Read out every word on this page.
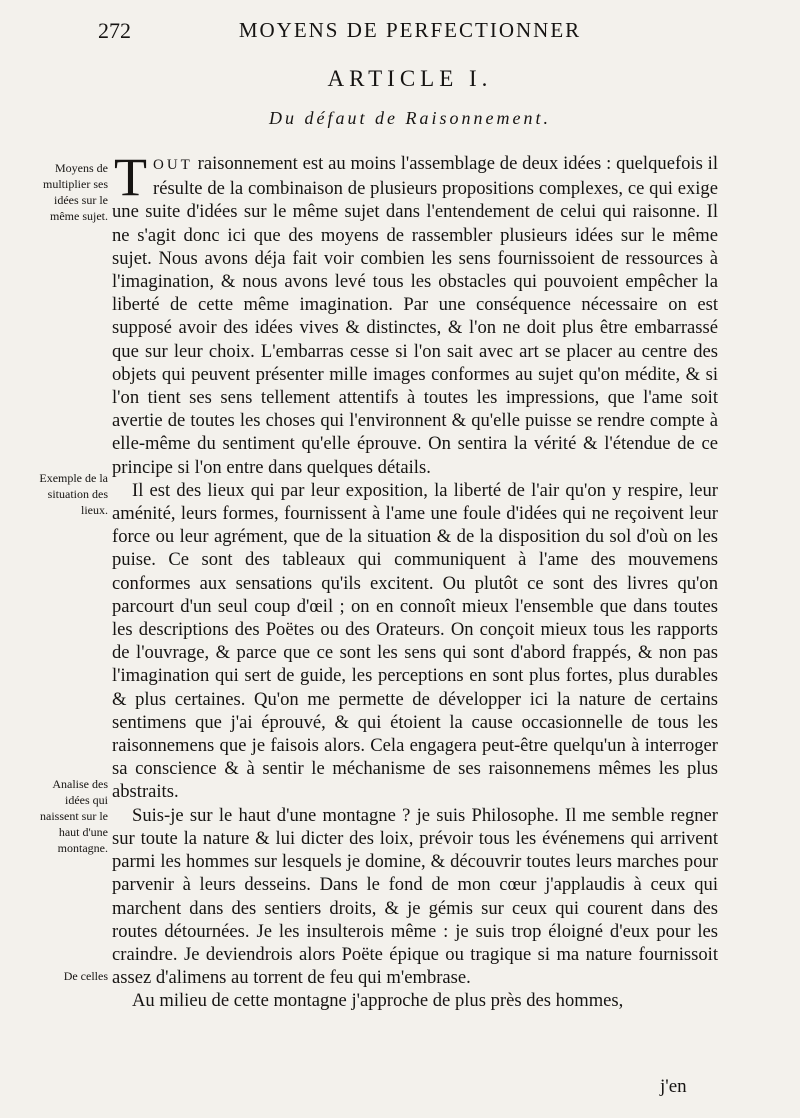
272	MOYENS DE PERFECTIONNER
ARTICLE I.
Du défaut de Raisonnement.
Moyens de multiplier ses idées sur le même sujet.
Exemple de la situation des lieux.
Analise des idées qui naissent sur le haut d'une montagne.
De celles

TOUT raisonnement est au moins l'assemblage de deux idées : quelquefois il résulte de la combinaison de plusieurs propositions complexes, ce qui exige une suite d'idées sur le même sujet dans l'entendement de celui qui raisonne. Il ne s'agit donc ici que des moyens de rassembler plusieurs idées sur le même sujet. Nous avons déja fait voir combien les sens fournissoient de ressources à l'imagination, & nous avons levé tous les obstacles qui pouvoient empêcher la liberté de cette même imagination. Par une conséquence nécessaire on est supposé avoir des idées vives & distinctes, & l'on ne doit plus être embarrassé que sur leur choix. L'embarras cesse si l'on sait avec art se placer au centre des objets qui peuvent présenter mille images conformes au sujet qu'on médite, & si l'on tient ses sens tellement attentifs à toutes les impressions, que l'ame soit avertie de toutes les choses qui l'environnent & qu'elle puisse se rendre compte à elle-même du sentiment qu'elle éprouve. On sentira la vérité & l'étendue de ce principe si l'on entre dans quelques détails.

Il est des lieux qui par leur exposition, la liberté de l'air qu'on y respire, leur aménité, leurs formes, fournissent à l'ame une foule d'idées qui ne reçoivent leur force ou leur agrément, que de la situation & de la disposition du sol d'où on les puise. Ce sont des tableaux qui communiquent à l'ame des mouvemens conformes aux sensations qu'ils excitent. Ou plutôt ce sont des livres qu'on parcourt d'un seul coup d'œil ; on en connoît mieux l'ensemble que dans toutes les descriptions des Poëtes ou des Orateurs. On conçoit mieux tous les rapports de l'ouvrage, & parce que ce sont les sens qui sont d'abord frappés, & non pas l'imagination qui sert de guide, les perceptions en sont plus fortes, plus durables & plus certaines. Qu'on me permette de développer ici la nature de certains sentimens que j'ai éprouvé, & qui étoient la cause occasionnelle de tous les raisonnemens que je faisois alors. Cela engagera peut-être quelqu'un à interroger sa conscience & à sentir le méchanisme de ses raisonnemens mêmes les plus abstraits.

Suis-je sur le haut d'une montagne ? je suis Philosophe. Il me semble regner sur toute la nature & lui dicter des loix, prévoir tous les événemens qui arrivent parmi les hommes sur lesquels je domine, & découvrir toutes leurs marches pour parvenir à leurs desseins. Dans le fond de mon cœur j'applaudis à ceux qui marchent dans des sentiers droits, & je gémis sur ceux qui courent dans des routes détournées. Je les insulterois même : je suis trop éloigné d'eux pour les craindre. Je deviendrois alors Poëte épique ou tragique si ma nature fournissoit assez d'alimens au torrent de feu qui m'embrase.

Au milieu de cette montagne j'approche de plus près des hommes,

j'en
